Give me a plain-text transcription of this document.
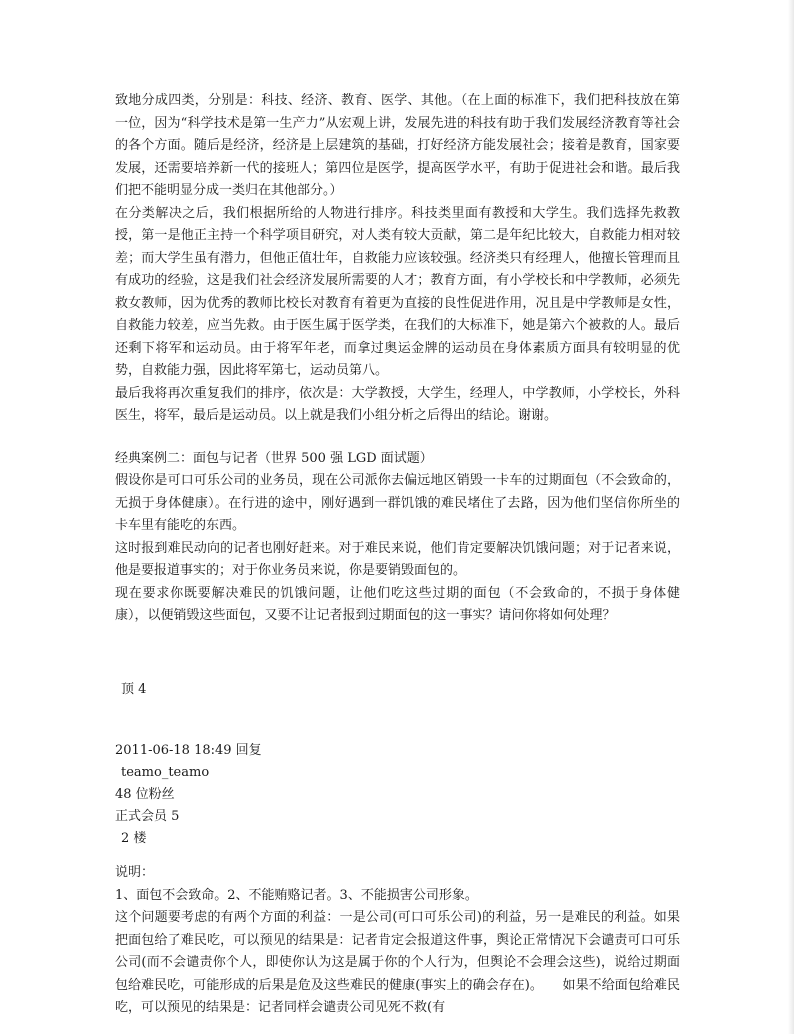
致地分成四类，分别是：科技、经济、教育、医学、其他。（在上面的标准下，我们把科技放在第一位，因为“科学技术是第一生产力”从宏观上讲，发展先进的科技有助于我们发展经济教育等社会的各个方面。随后是经济，经济是上层建筑的基础，打好经济方能发展社会；接着是教育，国家要发展，还需要培养新一代的接班人；第四位是医学，提高医学水平，有助于促进社会和谐。最后我们把不能明显分成一类归在其他部分。）

在分类解决之后，我们根据所给的人物进行排序。科技类里面有教授和大学生。我们选择先救教授，第一是他正主持一个科学项目研究，对人类有较大贡献，第二是年纪比较大，自救能力相对较差；而大学生虽有潜力，但他正值壮年，自救能力应该较强。经济类只有经理人，他擅长管理而且有成功的经验，这是我们社会经济发展所需要的人才；教育方面，有小学校长和中学教师，必须先救女教师，因为优秀的教师比校长对教育有着更为直接的良性促进作用，况且是中学教师是女性，自救能力较差，应当先救。由于医生属于医学类，在我们的大标准下，她是第六个被救的人。最后还剩下将军和运动员。由于将军年老，而拿过奥运金牌的运动员在身体素质方面具有较明显的优势，自救能力强，因此将军第七，运动员第八。

最后我将再次重复我们的排序，依次是：大学教授，大学生，经理人，中学教师，小学校长，外科医生，将军，最后是运动员。以上就是我们小组分析之后得出的结论。谢谢。

经典案例二：面包与记者（世界 500 强 LGD 面试题）

假设你是可口可乐公司的业务员，现在公司派你去偏远地区销毁一卡车的过期面包（不会致命的，无损于身体健康）。在行进的途中，刚好遇到一群饥饿的难民堵住了去路，因为他们坚信你所坐的卡车里有能吃的东西。

这时报到难民动向的记者也刚好赶来。对于难民来说，他们肯定要解决饥饿问题；对于记者来说，他是要报道事实的；对于你业务员来说，你是要销毁面包的。

现在要求你既要解决难民的饥饿问题，让他们吃这些过期的面包（不会致命的，不损于身体健康），以便销毁这些面包，又要不让记者报到过期面包的这一事实？请问你将如何处理？

顶 4
2011-06-18 18:49 回复
teamo_teamo
48 位粉丝
正式会员 5
2 楼

说明：

1、面包不会致命。2、不能贿赂记者。3、不能损害公司形象。

这个问题要考虑的有两个方面的利益：一是公司(可口可乐公司)的利益，另一是难民的利益。如果把面包给了难民吃，可以预见的结果是：记者肯定会报道这件事，舆论正常情况下会谴责可口可乐公司(而不会谴责你个人，即使你认为这是属于你的个人行为，但舆论不会理会这些)，说给过期面包给难民吃，可能形成的后果是危及这些难民的健康(事实上的确会存在)。　　如果不给面包给难民吃，可以预见的结果是：记者同样会谴责公司见死不救(有
